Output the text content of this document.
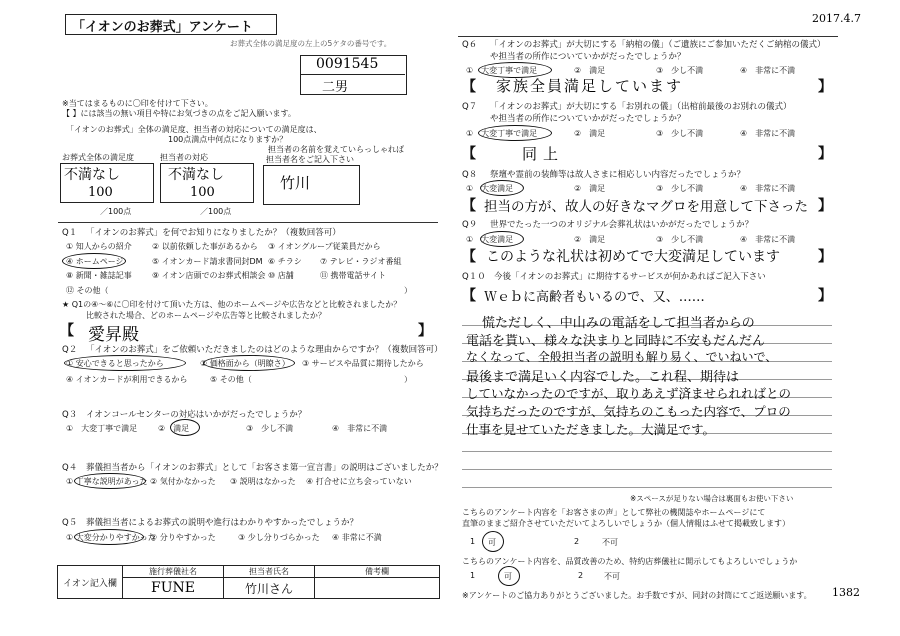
「イオンのお葬式」アンケート
お葬式全体の満足度の左上の5ケタの番号です。
0091545
二男
※当てはまるものに〇印を付けて下さい。
【 】には該当の無い項目や特にお気づきの点をご記入願います。
「イオンのお葬式」全体の満足度、担当者の対応についての満足度は、
100点満点中何点になりますか？
お葬式全体の満足度
不満なし
100
／100点
担当者の対応
不満なし
100
／100点
担当者の名前を覚えていらっしゃれば
担当者名をご記入下さい
竹川
Q１ 「イオンのお葬式」を何でお知りになりましたか？（複数回答可）
① 知人からの紹介	② 以前依頼した事があるから ③ イオングループ従業員だから
④ ホームページ	⑤ イオンカード請求書同封DM ⑥ チラシ ⑦ テレビ・ラジオ番組
⑧ 新聞・雑誌記事	⑨ イオン店頭でのお葬式相談会 ⑩ 店舗	⑪ 携帯電話サイト
⑫ その他（	）
★ Q1の④～⑥に〇印を付けて頂いた方は、他のホームページや広告などと比較されましたか？
比較された場合、どのホームページや広告等と比較されましたか？
【 愛昇殿	】
Q２ 「イオンのお葬式」をご依頼いただきましたのはどのような理由からですか？（複数回答可）
① 安心できると思ったから	② 価格面から（明瞭さ） ③ サービスや品質に期待したから
④ イオンカードが利用できるから	⑤ その他（	）
Q３ イオンコールセンターの対応はいかがだったでしょうか？
①　大変丁寧で満足	②　満足	③　少し不満	④　非常に不満
Q４ 葬儀担当者から「イオンのお葬式」として「お客さま第一宣言書」の説明はございましたか？
① 丁寧な説明があった ② 気付かなかった ③ 説明はなかった ④ 打合せに立ち会っていない
Q５ 葬儀担当者によるお葬式の説明や進行はわかりやすかったでしょうか？
① 大変分かりやすかった
② 分りやすかった	③ 少し分りづらかった ④ 非常に不満
イオン記入欄	施行葬儀社名	担当者氏名	備考欄
	FUNE	竹川さん	
2017.4.7
Q６ 「イオンのお葬式」が大切にする「納棺の儀」（ご遺族にご参加いただくご納棺の儀式）
や担当者の所作についていかがだったでしょうか？
①　大変丁寧で満足	②　満足	③　少し不満	④　非常に不満
【 家族全員満足しています	】
Q７ 「イオンのお葬式」が大切にする「お別れの儀」（出棺前最後のお別れの儀式）
や担当者の所作についていかがだったでしょうか？
①　大変丁寧で満足	②　満足	③　少し不満	④　非常に不満
【	同上	】
Q８ 祭壇や霊前の装飾等は故人さまに相応しい内容だったでしょうか？
①　大変満足	②　満足	③　少し不満	④　非常に不満
【 担当の方が、故人の好きなマグロを用意して下さった 】
Q９ 世界でたった一つのオリジナル会葬礼状はいかがだったでしょうか？
①　大変満足	②　満足	③　少し不満	④　非常に不満
【 このような礼状は初めてで大変満足しています	】
Q１０ 今後「イオンのお葬式」に期待するサービスが何かあればご記入下さい
【 Ｗｅｂに高齢者もいるので、又、……	】
慌ただしく、中山みの電話をして担当者からの
電話を貰い、様々な決まりと同時に不安もだんだん
なくなって、全般担当者の説明も解り易く、でいねいで、
最後まで満足いく内容でした。これ程、期待は
していなかったのですが、取りあえず済ませられればとの
気持ちだったのですが、気持ちのこもった内容で、プロの
仕事を見せていただきました。大満足です。
※スペースが足りない場合は裏面もお使い下さい
こちらのアンケート内容を「お客さまの声」として弊社の機関誌やホームページにて
直筆のままご紹介させていただいてよろしいでしょうか（個人情報はふせて掲載致します）
1 可	2	不可
こちらのアンケート内容を、品質改善のため、特約店葬儀社に開示してもよろしいでしょうか
1	可	2	不可
※アンケートのご協力ありがとうございました。お手数ですが、同封の封筒にてご返送願います。 1382
